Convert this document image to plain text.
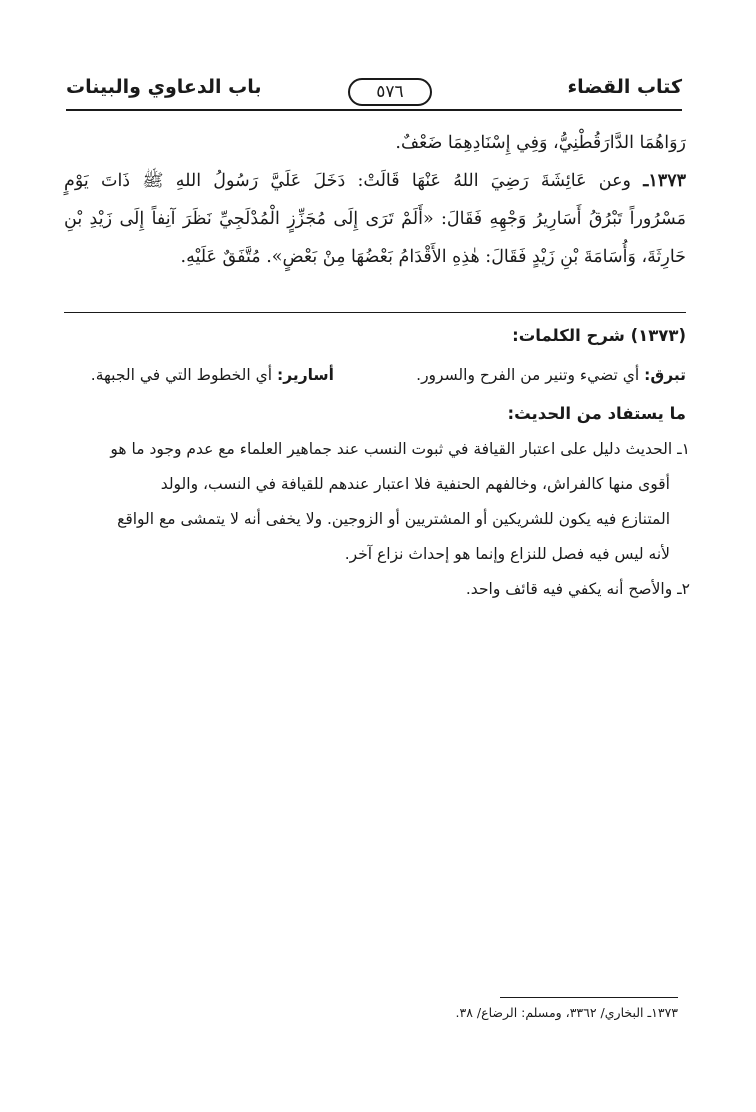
كتاب القضاء
٥٧٦
باب الدعاوي والبينات
رَوَاهُمَا الدَّارَقُطْنِيُّ، وَفِي إِسْنَادِهِمَا ضَعْفٌ.
١٣٧٣ـ وعن عَائِشَةَ رَضِيَ اللهُ عَنْهَا قَالَتْ: دَخَلَ عَلَيَّ رَسُولُ اللهِ ﷺ ذَاتَ يَوْمٍ
مَسْرُوراً تَبْرُقُ أَسَارِيرُ وَجْهِهِ فَقَالَ: «أَلَمْ تَرَى إِلَى مُجَزِّزٍ الْمُدْلَجِيِّ نَظَرَ آنِفاً إِلَى زَيْدِ بْنِ
حَارِثَةَ، وَأُسَامَةَ بْنِ زَيْدٍ فَقَالَ: هٰذِهِ الأَقْدَامُ بَعْضُهَا مِنْ بَعْضٍ». مُتَّفَقٌ عَلَيْهِ.
(١٣٧٣) شرح الكلمات:
تبرق: أي تضيء وتنير من الفرح والسرور.
أسارير: أي الخطوط التي في الجبهة.
ما يستفاد من الحديث:
١ـ الحديث دليل على اعتبار القيافة في ثبوت النسب عند جماهير العلماء مع عدم وجود ما هو
أقوى منها كالفراش، وخالفهم الحنفية فلا اعتبار عندهم للقيافة في النسب، والولد
المتنازع فيه يكون للشريكين أو المشتريين أو الزوجين. ولا يخفى أنه لا يتمشى مع الواقع
لأنه ليس فيه فصل للنزاع وإنما هو إحداث نزاع آخر.
٢ـ والأصح أنه يكفي فيه قائف واحد.
١٣٧٣ـ البخاري/ ٣٣٦٢، ومسلم: الرضاع/ ٣٨.
